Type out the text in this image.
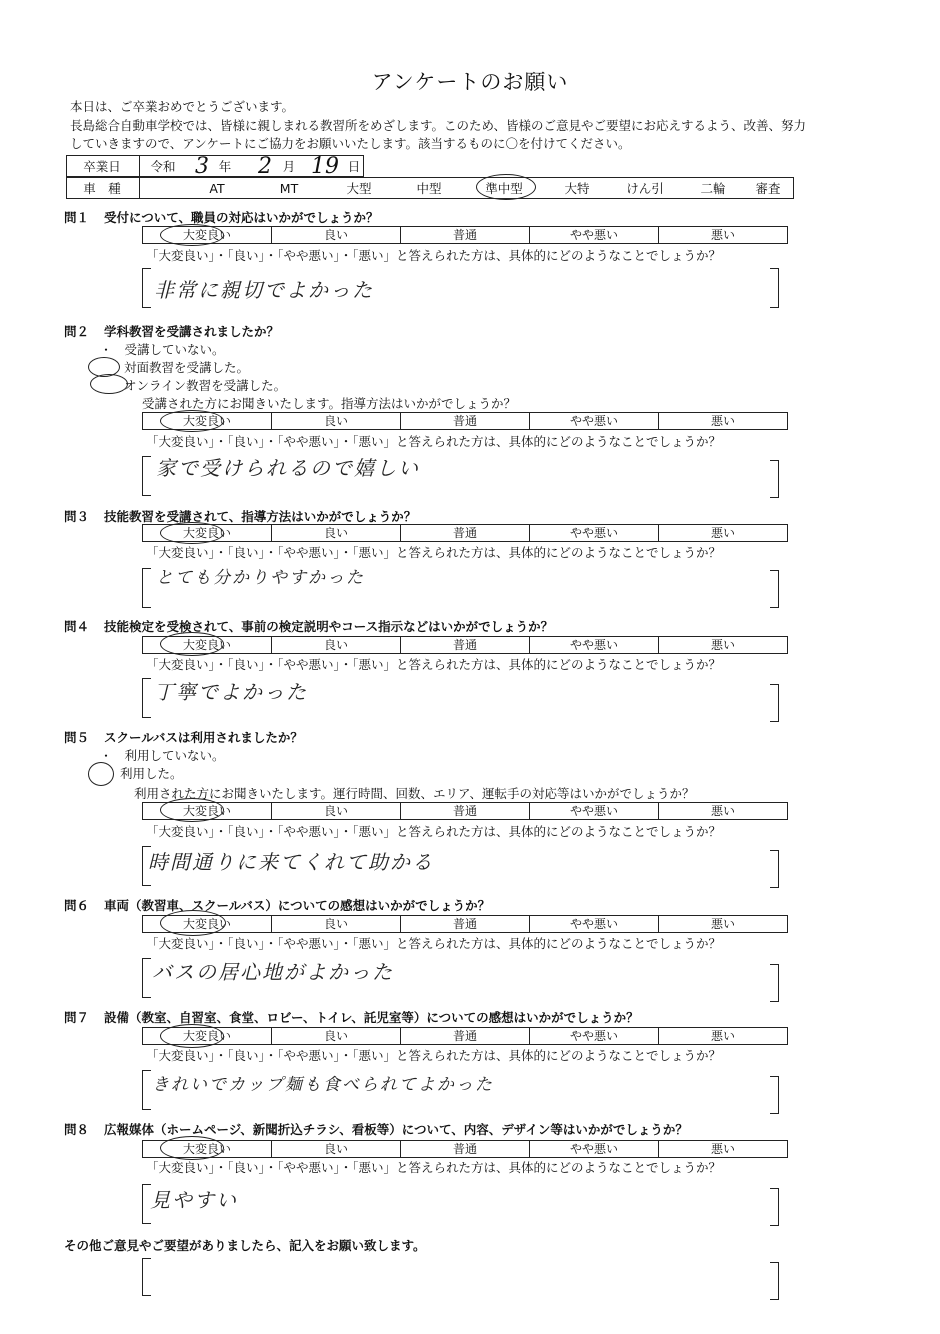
アンケートのお願い
本日は、ご卒業おめでとうございます。
長島総合自動車学校では、皆様に親しまれる教習所をめざします。このため、皆様のご意見やご要望にお応えするよう、改善、努力
していきますので、アンケートにご協力をお願いいたします。該当するものに〇を付けてください。
卒業日	令和 3 年	2 月 19 日
車　種	AT	MT	大型	中型	準中型	大特	けん引	二輪	審査
問１ 受付について、職員の対応はいかがでしょうか？
大変良い	良い	普通	やや悪い	悪い
「大変良い」・「良い」・「やや悪い」・「悪い」と答えられた方は、具体的にどのようなことでしょうか？
非常に親切でよかった
問２ 学科教習を受講されましたか？
・　 受講していない。
対面教習を受講した。
オンライン教習を受講した。
受講された方にお聞きいたします。指導方法はいかがでしょうか？
大変良い	良い	普通	やや悪い	悪い
「大変良い」・「良い」・「やや悪い」・「悪い」と答えられた方は、具体的にどのようなことでしょうか？
家で受けられるので嬉しい
問３ 技能教習を受講されて、指導方法はいかがでしょうか？
大変良い	良い	普通	やや悪い	悪い
「大変良い」・「良い」・「やや悪い」・「悪い」と答えられた方は、具体的にどのようなことでしょうか？
とても分かりやすかった
問４ 技能検定を受検されて、事前の検定説明やコース指示などはいかがでしょうか？
大変良い	良い	普通	やや悪い	悪い
「大変良い」・「良い」・「やや悪い」・「悪い」と答えられた方は、具体的にどのようなことでしょうか？
丁寧でよかった
問５ スクールバスは利用されましたか？
・　 利用していない。
利用した。
利用された方にお聞きいたします。運行時間、回数、エリア、運転手の対応等はいかがでしょうか？
大変良い	良い	普通	やや悪い	悪い
「大変良い」・「良い」・「やや悪い」・「悪い」と答えられた方は、具体的にどのようなことでしょうか？
時間通りに来てくれて助かる
問６ 車両（教習車、スクールバス）についての感想はいかがでしょうか？
大変良い	良い	普通	やや悪い	悪い
「大変良い」・「良い」・「やや悪い」・「悪い」と答えられた方は、具体的にどのようなことでしょうか？
バスの居心地がよかった
問７ 設備（教室、自習室、食堂、ロビー、トイレ、託児室等）についての感想はいかがでしょうか？
大変良い	良い	普通	やや悪い	悪い
「大変良い」・「良い」・「やや悪い」・「悪い」と答えられた方は、具体的にどのようなことでしょうか？
きれいでカップ麺も食べられてよかった
問８ 広報媒体（ホームページ、新聞折込チラシ、看板等）について、内容、デザイン等はいかがでしょうか？
大変良い	良い	普通	やや悪い	悪い
「大変良い」・「良い」・「やや悪い」・「悪い」と答えられた方は、具体的にどのようなことでしょうか？
見やすい
その他ご意見やご要望がありましたら、記入をお願い致します。
